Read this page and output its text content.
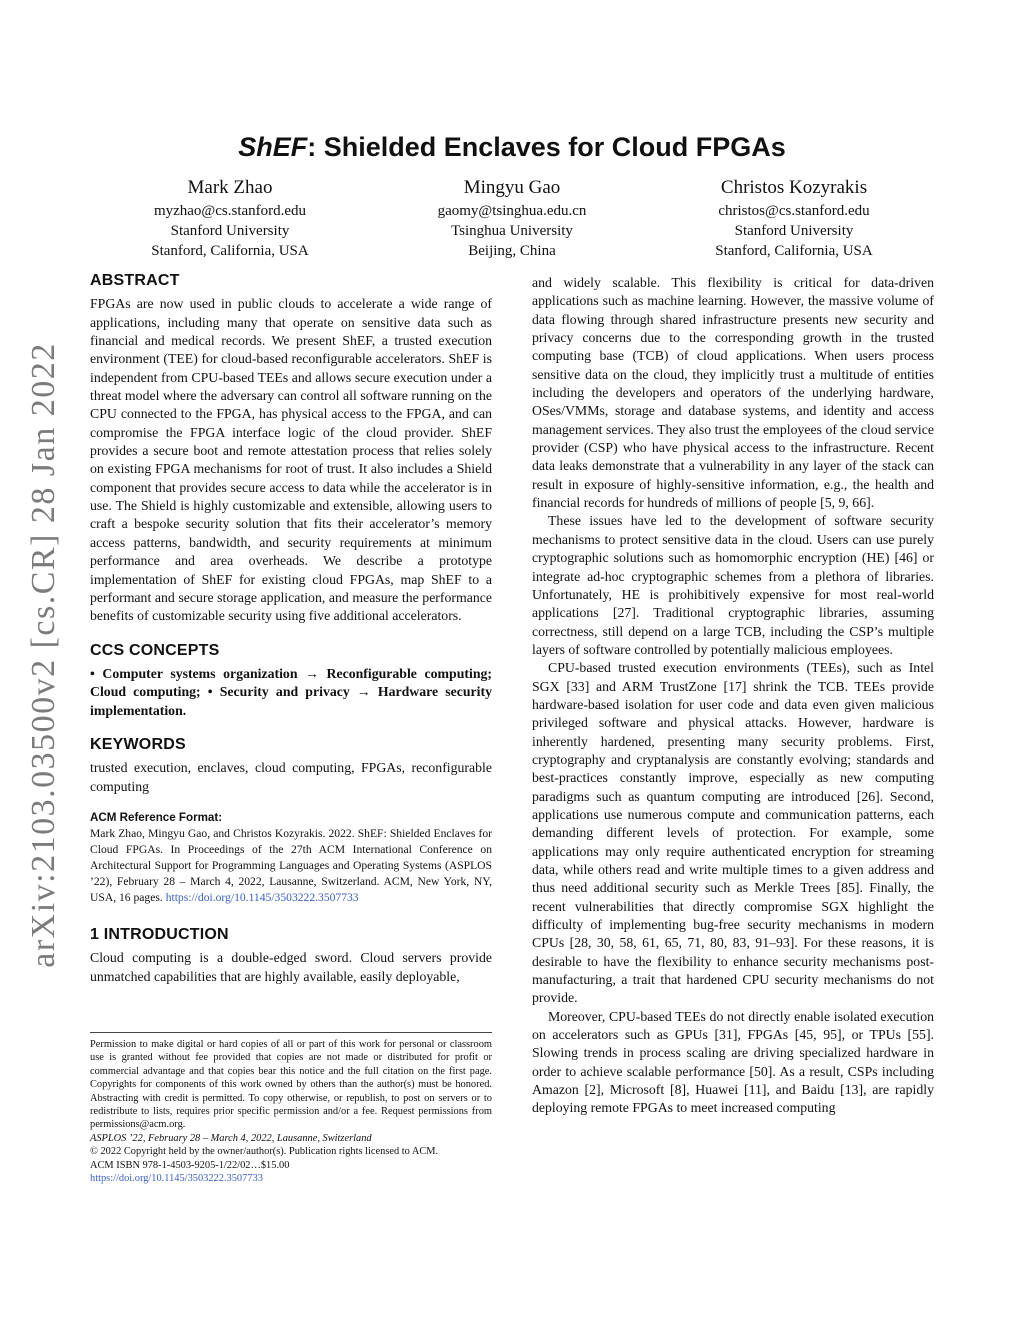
arXiv:2103.03500v2 [cs.CR] 28 Jan 2022
ShEF: Shielded Enclaves for Cloud FPGAs
Mark Zhao
myzhao@cs.stanford.edu
Stanford University
Stanford, California, USA
Mingyu Gao
gaomy@tsinghua.edu.cn
Tsinghua University
Beijing, China
Christos Kozyrakis
christos@cs.stanford.edu
Stanford University
Stanford, California, USA
ABSTRACT

FPGAs are now used in public clouds to accelerate a wide range of applications, including many that operate on sensitive data such as financial and medical records. We present ShEF, a trusted execution environment (TEE) for cloud-based reconfigurable accelerators. ShEF is independent from CPU-based TEEs and allows secure execution under a threat model where the adversary can control all software running on the CPU connected to the FPGA, has physical access to the FPGA, and can compromise the FPGA interface logic of the cloud provider. ShEF provides a secure boot and remote attestation process that relies solely on existing FPGA mechanisms for root of trust. It also includes a Shield component that provides secure access to data while the accelerator is in use. The Shield is highly customizable and extensible, allowing users to craft a bespoke security solution that fits their accelerator’s memory access patterns, bandwidth, and security requirements at minimum performance and area overheads. We describe a prototype implementation of ShEF for existing cloud FPGAs, map ShEF to a performant and secure storage application, and measure the performance benefits of customizable security using five additional accelerators.

CCS CONCEPTS

• Computer systems organization → Reconfigurable computing; Cloud computing; • Security and privacy → Hardware security implementation.

KEYWORDS

trusted execution, enclaves, cloud computing, FPGAs, reconfigurable computing

ACM Reference Format:
Mark Zhao, Mingyu Gao, and Christos Kozyrakis. 2022. ShEF: Shielded Enclaves for Cloud FPGAs. In Proceedings of the 27th ACM International Conference on Architectural Support for Programming Languages and Operating Systems (ASPLOS ’22), February 28 – March 4, 2022, Lausanne, Switzerland. ACM, New York, NY, USA, 16 pages. https://doi.org/10.1145/3503222.3507733
1 INTRODUCTION

Cloud computing is a double-edged sword. Cloud servers provide unmatched capabilities that are highly available, easily deployable,

Permission to make digital or hard copies of all or part of this work for personal or classroom use is granted without fee provided that copies are not made or distributed for profit or commercial advantage and that copies bear this notice and the full citation on the first page. Copyrights for components of this work owned by others than the author(s) must be honored. Abstracting with credit is permitted. To copy otherwise, or republish, to post on servers or to redistribute to lists, requires prior specific permission and/or a fee. Request permissions from permissions@acm.org.

ASPLOS ’22, February 28 – March 4, 2022, Lausanne, Switzerland

© 2022 Copyright held by the owner/author(s). Publication rights licensed to ACM.

ACM ISBN 978-1-4503-9205-1/22/02…$15.00

https://doi.org/10.1145/3503222.3507733

and widely scalable. This flexibility is critical for data-driven applications such as machine learning. However, the massive volume of data flowing through shared infrastructure presents new security and privacy concerns due to the corresponding growth in the trusted computing base (TCB) of cloud applications. When users process sensitive data on the cloud, they implicitly trust a multitude of entities including the developers and operators of the underlying hardware, OSes/VMMs, storage and database systems, and identity and access management services. They also trust the employees of the cloud service provider (CSP) who have physical access to the infrastructure. Recent data leaks demonstrate that a vulnerability in any layer of the stack can result in exposure of highly-sensitive information, e.g., the health and financial records for hundreds of millions of people [5, 9, 66].

These issues have led to the development of software security mechanisms to protect sensitive data in the cloud. Users can use purely cryptographic solutions such as homomorphic encryption (HE) [46] or integrate ad-hoc cryptographic schemes from a plethora of libraries. Unfortunately, HE is prohibitively expensive for most real-world applications [27]. Traditional cryptographic libraries, assuming correctness, still depend on a large TCB, including the CSP’s multiple layers of software controlled by potentially malicious employees.

CPU-based trusted execution environments (TEEs), such as Intel SGX [33] and ARM TrustZone [17] shrink the TCB. TEEs provide hardware-based isolation for user code and data even given malicious privileged software and physical attacks. However, hardware is inherently hardened, presenting many security problems. First, cryptography and cryptanalysis are constantly evolving; standards and best-practices constantly improve, especially as new computing paradigms such as quantum computing are introduced [26]. Second, applications use numerous compute and communication patterns, each demanding different levels of protection. For example, some applications may only require authenticated encryption for streaming data, while others read and write multiple times to a given address and thus need additional security such as Merkle Trees [85]. Finally, the recent vulnerabilities that directly compromise SGX highlight the difficulty of implementing bug-free security mechanisms in modern CPUs [28, 30, 58, 61, 65, 71, 80, 83, 91–93]. For these reasons, it is desirable to have the flexibility to enhance security mechanisms post-manufacturing, a trait that hardened CPU security mechanisms do not provide.

Moreover, CPU-based TEEs do not directly enable isolated execution on accelerators such as GPUs [31], FPGAs [45, 95], or TPUs [55]. Slowing trends in process scaling are driving specialized hardware in order to achieve scalable performance [50]. As a result, CSPs including Amazon [2], Microsoft [8], Huawei [11], and Baidu [13], are rapidly deploying remote FPGAs to meet increased computing
